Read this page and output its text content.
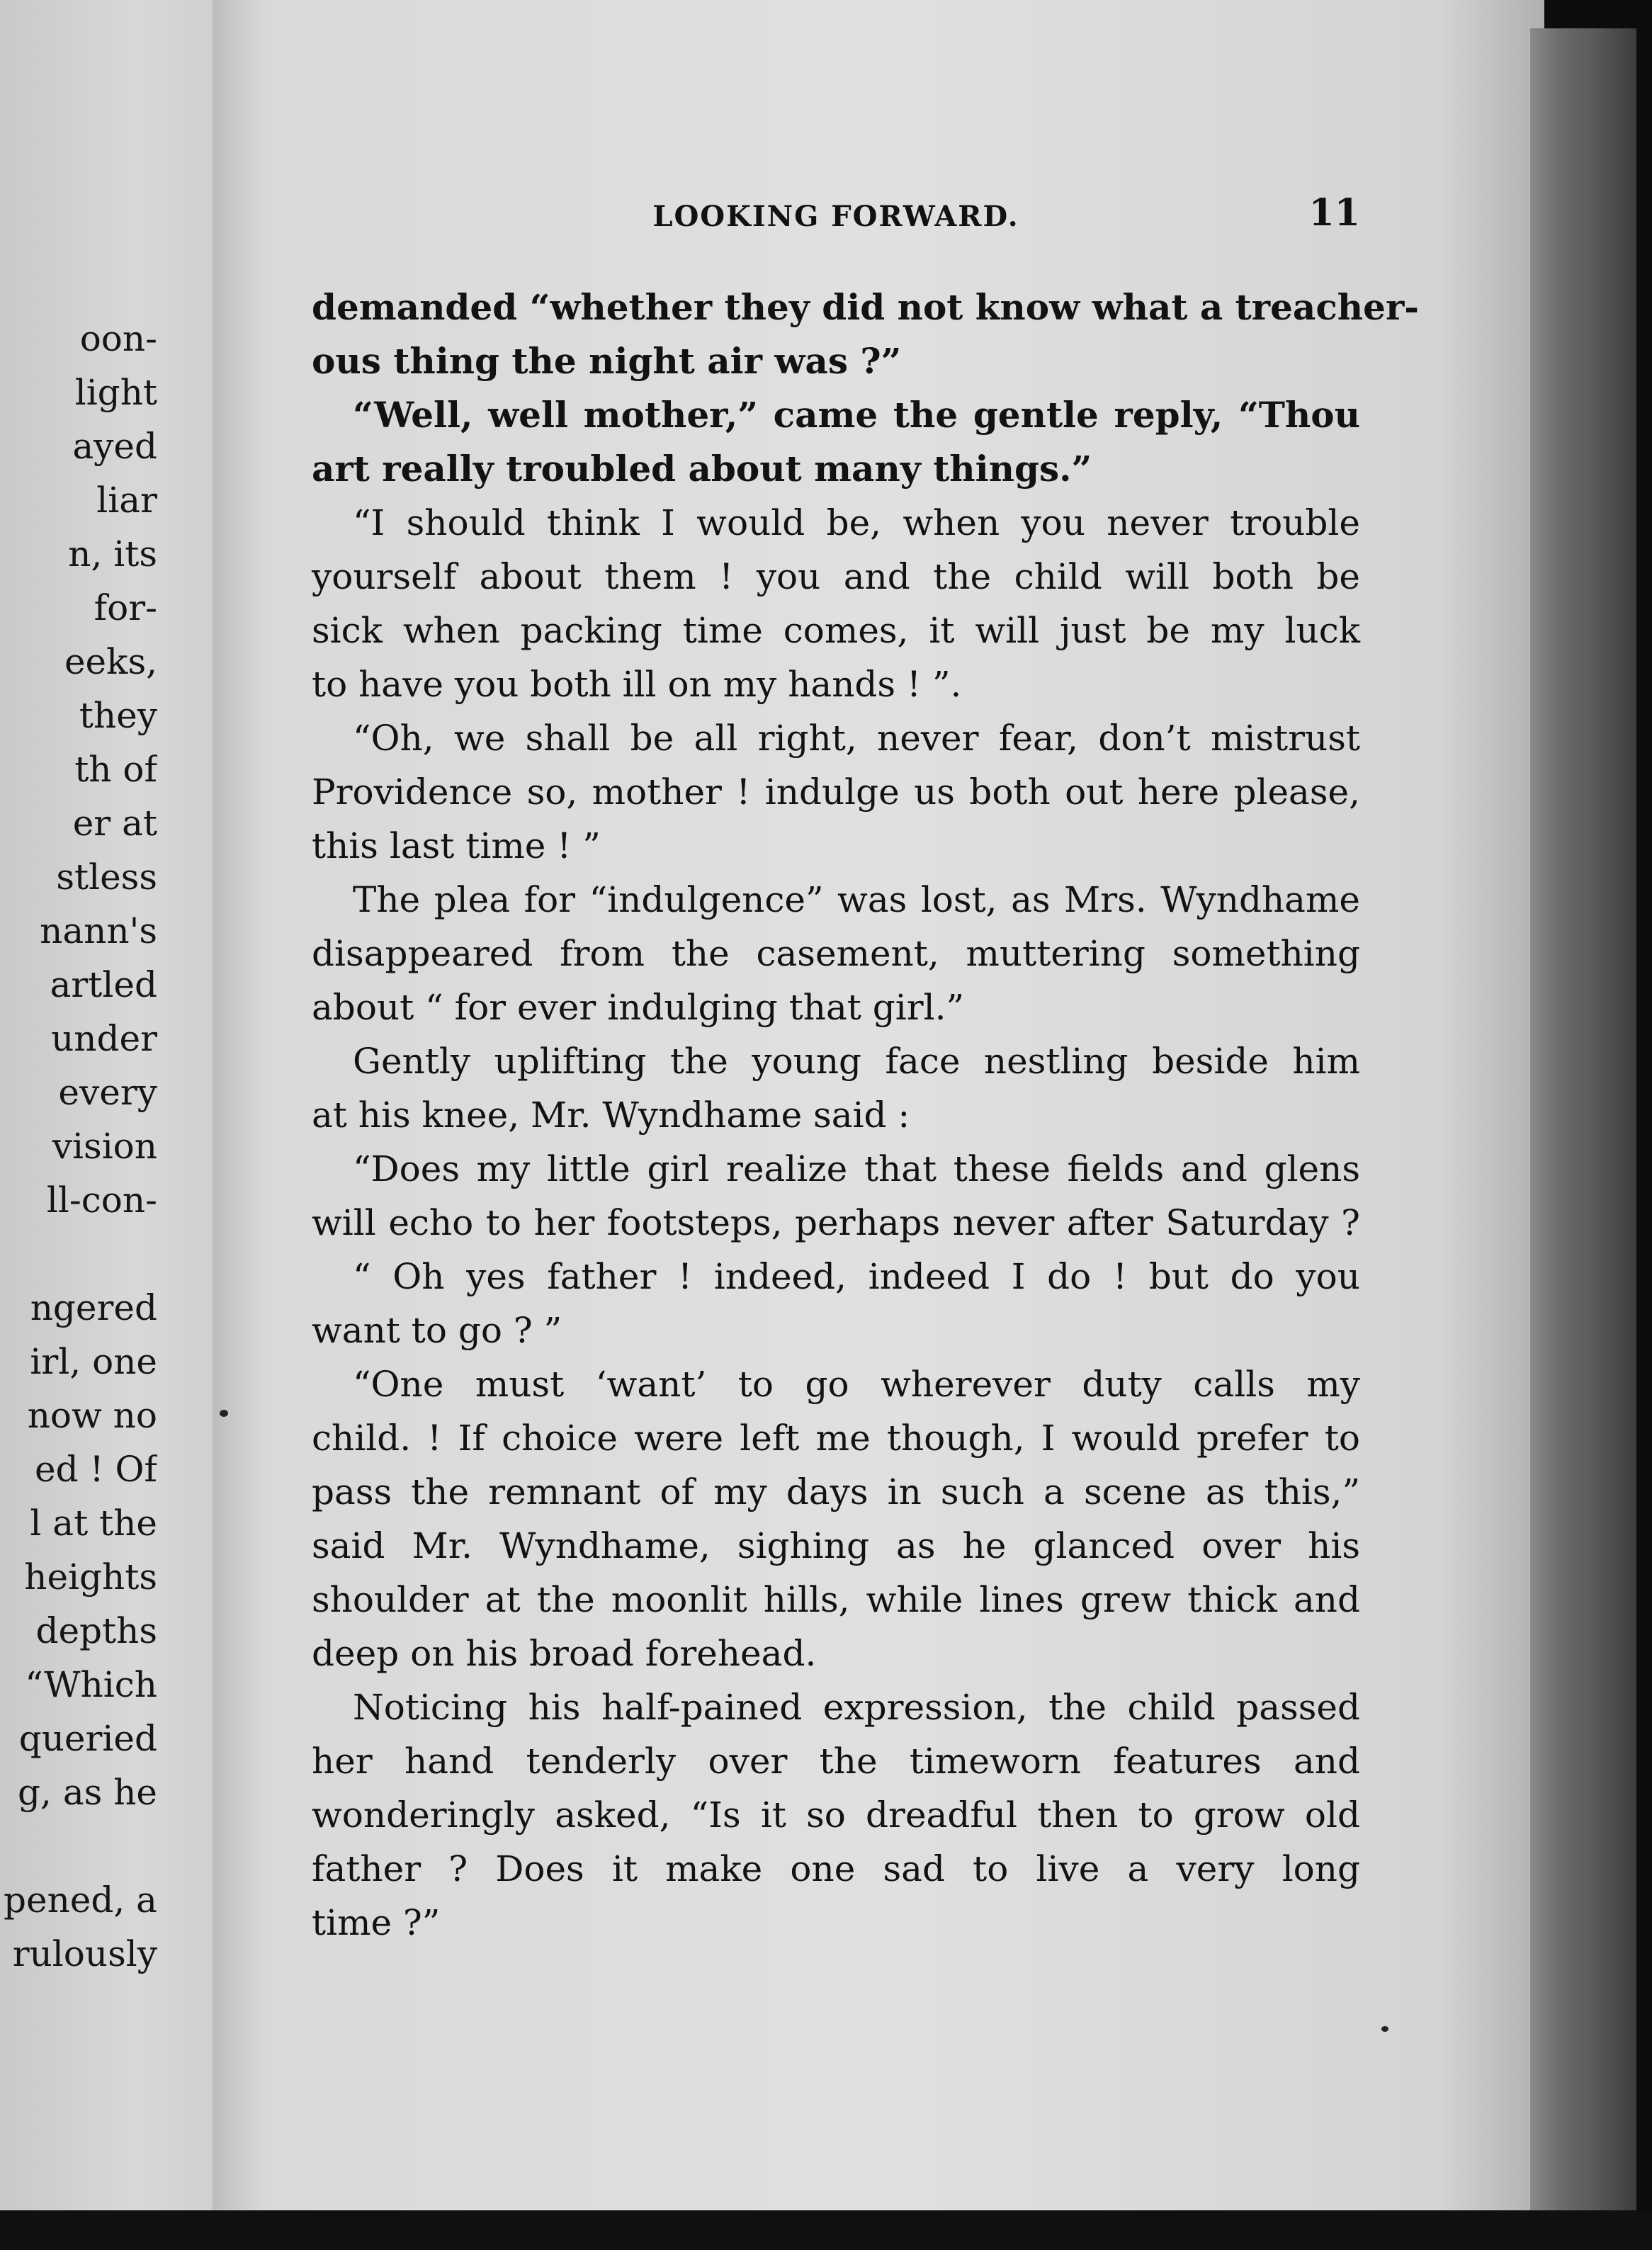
oon-
light
ayed
liar
n, its
for-
eeks,
they
th of
er at
stless
nann's
artled
under
every
vision
ll-con-
ngered
irl, one
now no
ed ! Of
l at the
heights
depths
“Which
queried
g, as he
pened, a
rulously
LOOKING FORWARD.	11
demanded “whether they did not know what a treacher-
ous thing the night air was ?”
“Well, well mother,” came the gentle reply, “Thou
art really troubled about many things.”
“I should think I would be, when you never trouble
yourself about them ! you and the child will both be
sick when packing time comes, it will just be my luck
to have you both ill on my hands ! ”.
“Oh, we shall be all right, never fear, don’t mistrust
Providence so, mother ! indulge us both out here please,
this last time ! ”
The plea for “indulgence” was lost, as Mrs. Wyndhame
disappeared from the casement, muttering something
about “ for ever indulging that girl.”
Gently uplifting the young face nestling beside him
at his knee, Mr. Wyndhame said :
“Does my little girl realize that these fields and glens
will echo to her footsteps, perhaps never after Saturday ?
“ Oh yes father ! indeed, indeed I do ! but do you
want to go ? ”
“One must ‘want’ to go wherever duty calls my
child. ! If choice were left me though, I would prefer to
pass the remnant of my days in such a scene as this,”
said Mr. Wyndhame, sighing as he glanced over his
shoulder at the moonlit hills, while lines grew thick and
deep on his broad forehead.
Noticing his half-pained expression, the child passed
her hand tenderly over the timeworn features and
wonderingly asked, “Is it so dreadful then to grow old
father ? Does it make one sad to live a very long
time ?”
